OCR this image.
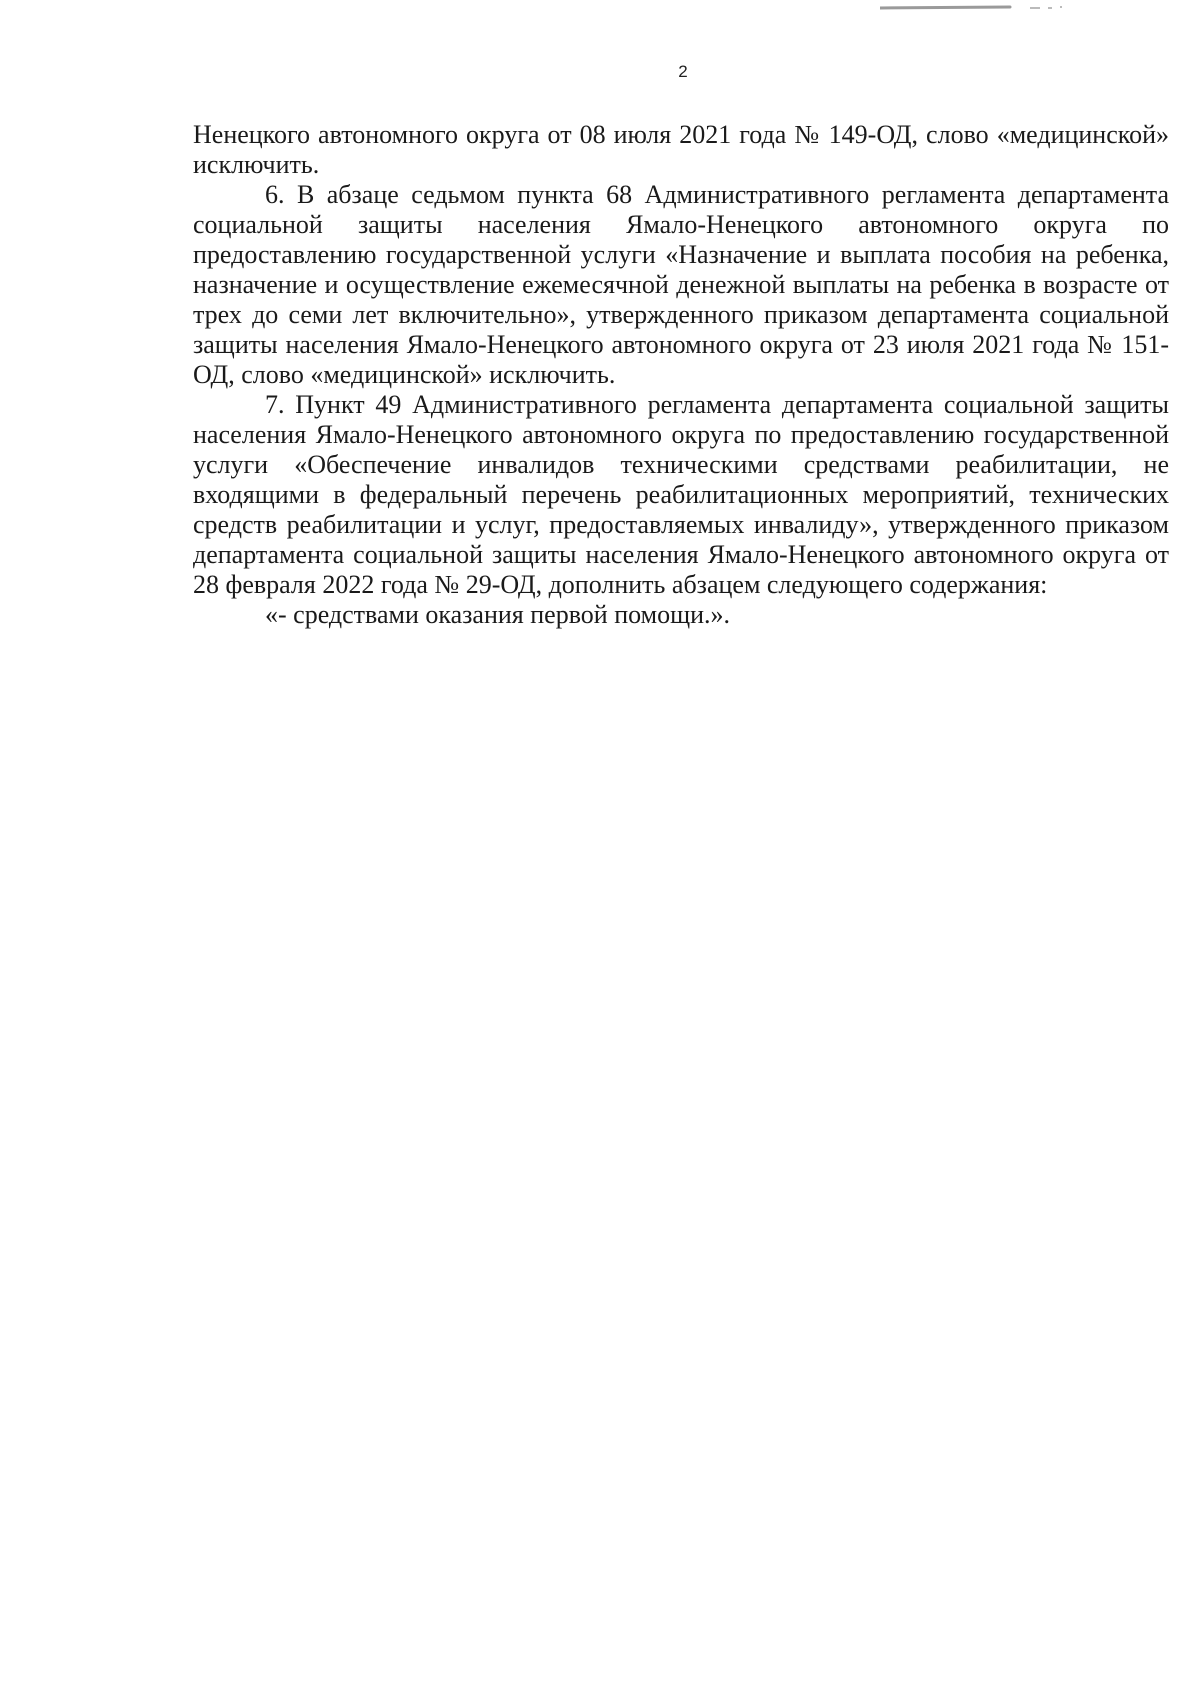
2

Ненецкого автономного округа от 08 июля 2021 года № 149-ОД, слово «медицинской» исключить.

6. В абзаце седьмом пункта 68 Административного регламента департамента социальной защиты населения Ямало-Ненецкого автономного округа по предоставлению государственной услуги «Назначение и выплата пособия на ребенка, назначение и осуществление ежемесячной денежной выплаты на ребенка в возрасте от трех до семи лет включительно», утвержденного приказом департамента социальной защиты населения Ямало-Ненецкого автономного округа от 23 июля 2021 года № 151-ОД, слово «медицинской» исключить.

7. Пункт 49 Административного регламента департамента социальной защиты населения Ямало-Ненецкого автономного округа по предоставлению государственной услуги «Обеспечение инвалидов техническими средствами реабилитации, не входящими в федеральный перечень реабилитационных мероприятий, технических средств реабилитации и услуг, предоставляемых инвалиду», утвержденного приказом департамента социальной защиты населения Ямало-Ненецкого автономного округа от 28 февраля 2022 года № 29-ОД, дополнить абзацем следующего содержания:

«- средствами оказания первой помощи.».
